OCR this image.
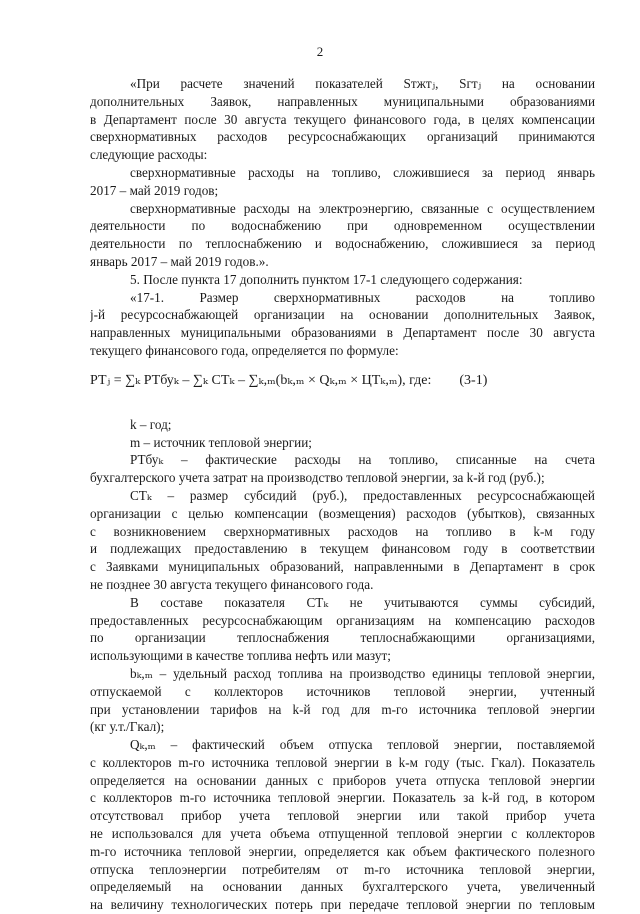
2
«При расчете значений показателей Sтжтⱼ, Sгтⱼ на основании
дополнительных Заявок, направленных муниципальными образованиями
в Департамент после 30 августа текущего финансового года, в целях компенсации
сверхнормативных расходов ресурсоснабжающих организаций принимаются
следующие расходы:
сверхнормативные расходы на топливо, сложившиеся за период январь
2017 – май 2019 годов;
сверхнормативные расходы на электроэнергию, связанные с осуществлением
деятельности по водоснабжению при одновременном осуществлении
деятельности по теплоснабжению и водоснабжению, сложившиеся за период
январь 2017 – май 2019 годов.».
5. После пункта 17 дополнить пунктом 17-1 следующего содержания:
«17-1. Размер сверхнормативных расходов на топливо
j-й ресурсоснабжающей организации на основании дополнительных Заявок,
направленных муниципальными образованиями в Департамент после 30 августа
текущего финансового года, определяется по формуле:
РТⱼ = ∑ₖ РТбуₖ – ∑ₖ СТₖ – ∑ₖ,ₘ(bₖ,ₘ × Qₖ,ₘ × ЦТₖ,ₘ), где: (3-1)
k – год;
m – источник тепловой энергии;
РТбуₖ – фактические расходы на топливо, списанные на счета
бухгалтерского учета затрат на производство тепловой энергии, за k-й год (руб.);
СТₖ – размер субсидий (руб.), предоставленных ресурсоснабжающей
организации с целью компенсации (возмещения) расходов (убытков), связанных
с возникновением сверхнормативных расходов на топливо в k-м году
и подлежащих предоставлению в текущем финансовом году в соответствии
с Заявками муниципальных образований, направленными в Департамент в срок
не позднее 30 августа текущего финансового года.
В составе показателя СТₖ не учитываются суммы субсидий,
предоставленных ресурсоснабжающим организациям на компенсацию расходов
по организации теплоснабжения теплоснабжающими организациями,
использующими в качестве топлива нефть или мазут;
bₖ,ₘ – удельный расход топлива на производство единицы тепловой энергии,
отпускаемой с коллекторов источников тепловой энергии, учтенный
при установлении тарифов на k-й год для m-го источника тепловой энергии
(кг у.т./Гкал);
Qₖ,ₘ – фактический объем отпуска тепловой энергии, поставляемой
с коллекторов m-го источника тепловой энергии в k-м году (тыс. Гкал). Показатель
определяется на основании данных с приборов учета отпуска тепловой энергии
с коллекторов m-го источника тепловой энергии. Показатель за k-й год, в котором
отсутствовал прибор учета тепловой энергии или такой прибор учета
не использовался для учета объема отпущенной тепловой энергии с коллекторов
m-го источника тепловой энергии, определяется как объем фактического полезного
отпуска теплоэнергии потребителям от m-го источника тепловой энергии,
определяемый на основании данных бухгалтерского учета, увеличенный
на величину технологических потерь при передаче тепловой энергии по тепловым
